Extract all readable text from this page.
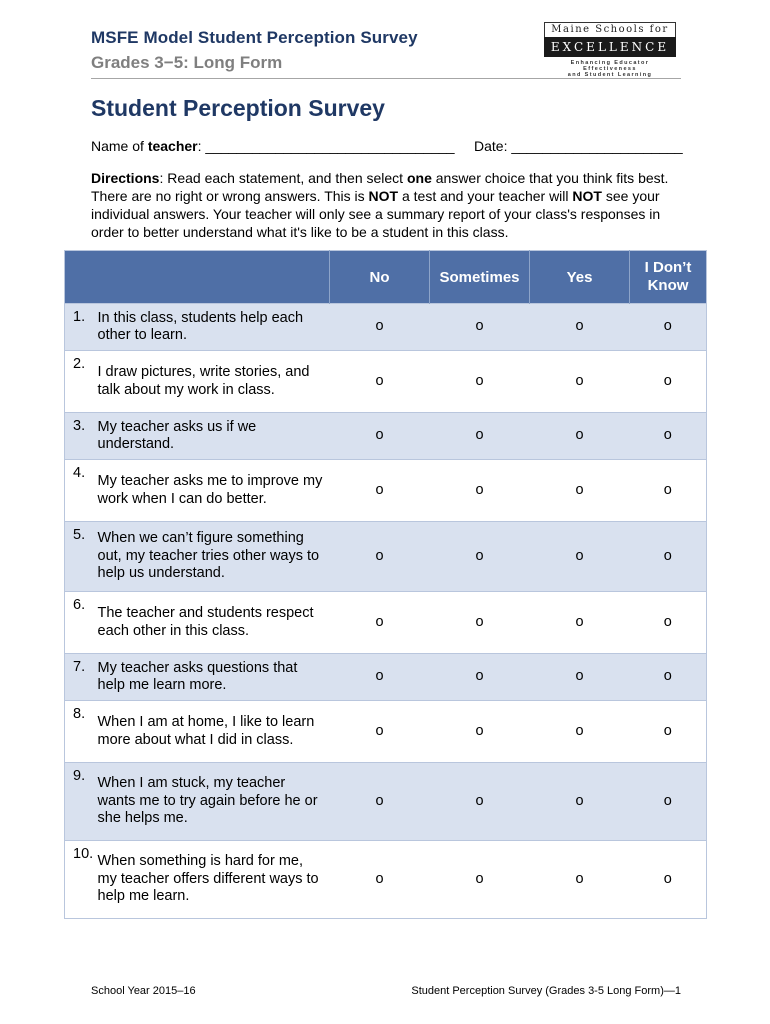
MSFE Model Student Perception Survey
Grades 3−5: Long Form
Maine Schools for
EXCELLENCE
Enhancing Educator Effectiveness
and Student Learning
Student Perception Survey
Name of teacher: ________________________________     Date: ______________________
Directions: Read each statement, and then select one answer choice that you think fits best. There are no right or wrong answers. This is NOT a test and your teacher will NOT see your individual answers. Your teacher will only see a summary report of your class's responses in order to better understand what it's like to be a student in this class.
		No	Sometimes	Yes	I Don’t Know
1.	In this class, students help each other to learn.	o	o	o	o
2.	I draw pictures, write stories, and talk about my work in class.	o	o	o	o
3.	My teacher asks us if we understand.	o	o	o	o
4.	My teacher asks me to improve my work when I can do better.	o	o	o	o
5.	When we can’t figure something out, my teacher tries other ways to help us understand.	o	o	o	o
6.	The teacher and students respect each other in this class.	o	o	o	o
7.	My teacher asks questions that help me learn more.	o	o	o	o
8.	When I am at home, I like to learn more about what I did in class.	o	o	o	o
9.	When I am stuck, my teacher wants me to try again before he or she helps me.	o	o	o	o
10.	When something is hard for me, my teacher offers different ways to help me learn.	o	o	o	o
School Year 2015–16	Student Perception Survey (Grades 3-5 Long Form)—1
